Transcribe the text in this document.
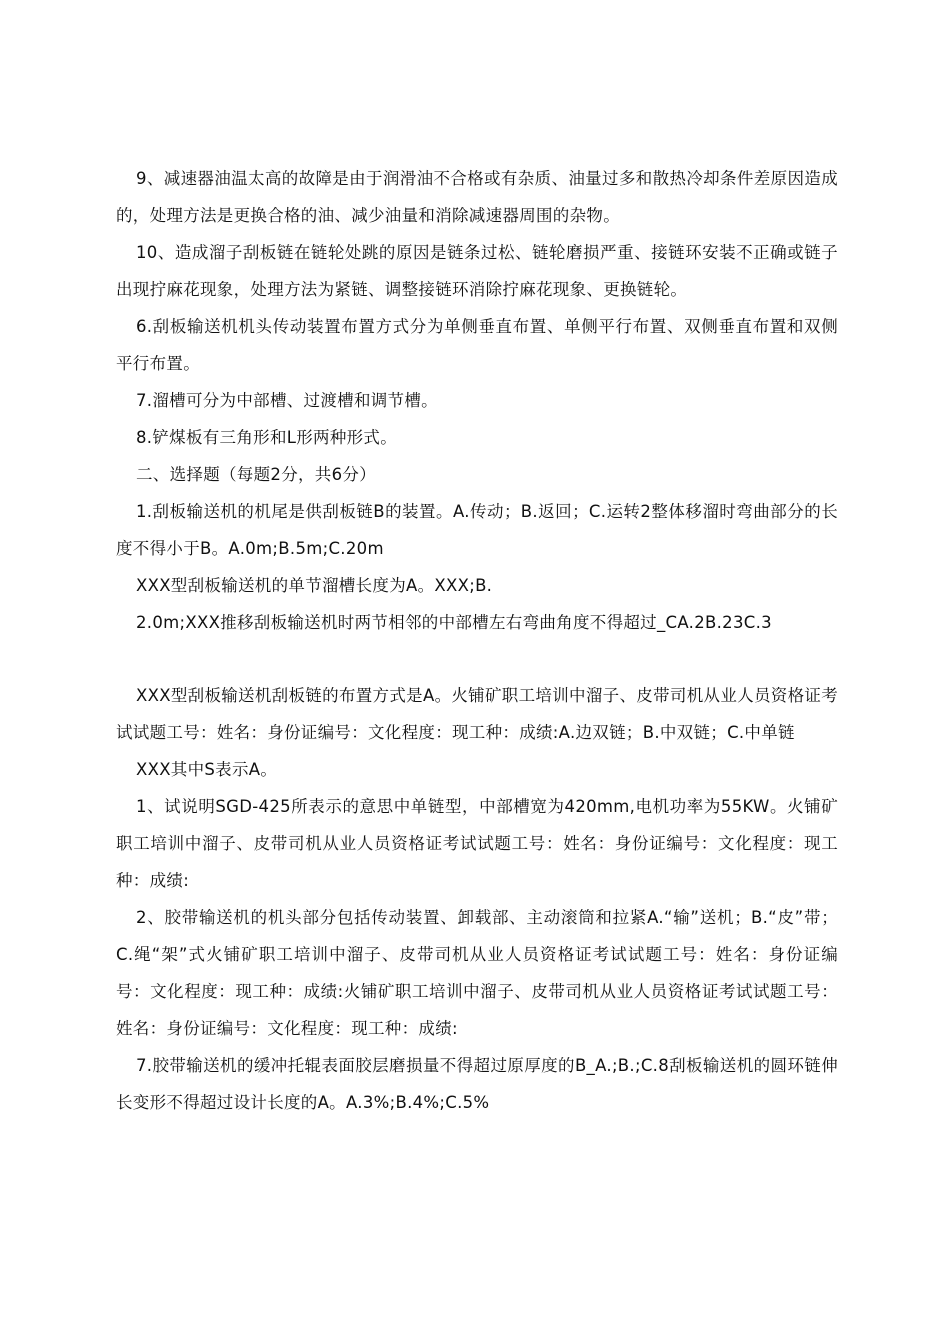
9、减速器油温太高的故障是由于润滑油不合格或有杂质、油量过多和散热冷却条件差原因造成的，处理方法是更换合格的油、减少油量和消除减速器周围的杂物。

10、造成溜子刮板链在链轮处跳的原因是链条过松、链轮磨损严重、接链环安装不正确或链子出现拧麻花现象，处理方法为紧链、调整接链环消除拧麻花现象、更换链轮。

6.刮板输送机机头传动装置布置方式分为单侧垂直布置、单侧平行布置、双侧垂直布置和双侧平行布置。

7.溜槽可分为中部槽、过渡槽和调节槽。

8.铲煤板有三角形和L形两种形式。

二、选择题（每题2分，共6分）

1.刮板输送机的机尾是供刮板链B的装置。A.传动；B.返回；C.运转2整体移溜时弯曲部分的长度不得小于B。A.0m;B.5m;C.20m

XXX型刮板输送机的单节溜槽长度为A。XXX;B.

2.0m;XXX推移刮板输送机时两节相邻的中部槽左右弯曲角度不得超过_CA.2B.23C.3

XXX型刮板输送机刮板链的布置方式是A。火铺矿职工培训中溜子、皮带司机从业人员资格证考试试题工号：姓名：身份证编号：文化程度：现工种：成绩:A.边双链；B.中双链；C.中单链

XXX其中S表示A。

1、试说明SGD-425所表示的意思中单链型，中部槽宽为420mm,电机功率为55KW。火铺矿职工培训中溜子、皮带司机从业人员资格证考试试题工号：姓名：身份证编号：文化程度：现工种：成绩:

2、胶带输送机的机头部分包括传动装置、卸载部、主动滚筒和拉紧A.“输”送机；B.“皮”带；C.绳“架”式火铺矿职工培训中溜子、皮带司机从业人员资格证考试试题工号：姓名：身份证编号：文化程度：现工种：成绩:火铺矿职工培训中溜子、皮带司机从业人员资格证考试试题工号：姓名：身份证编号：文化程度：现工种：成绩:

7.胶带输送机的缓冲托辊表面胶层磨损量不得超过原厚度的B_A.;B.;C.8刮板输送机的圆环链伸长变形不得超过设计长度的A。A.3%;B.4%;C.5%
